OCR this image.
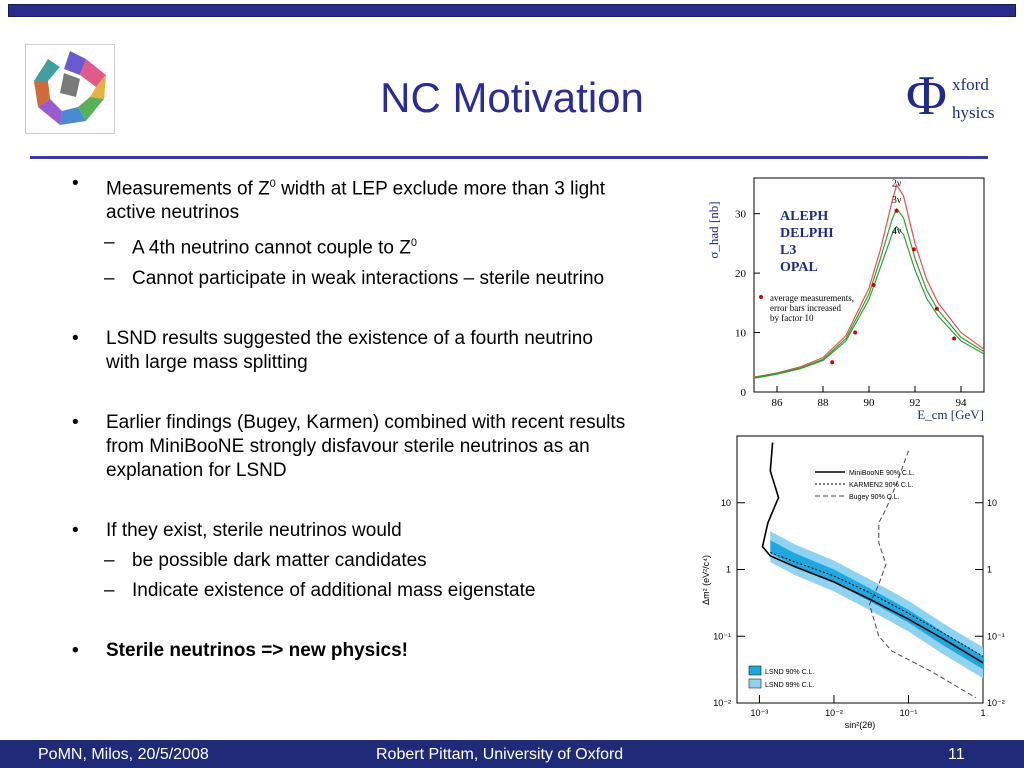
NC Motivation	Φ xford
hysics
• Measurements of $Z^0$ width at LEP exclude more than 3 light active neutrinos
– A 4th neutrino cannot couple to $Z^0$
– Cannot participate in weak interactions – sterile neutrino
• LSND results suggested the existence of a fourth neutrino with large mass splitting
• Earlier findings (Bugey, Karmen) combined with recent results from MiniBooNE strongly disfavour sterile neutrinos as an explanation for LSND
• If they exist, sterile neutrinos would
– be possible dark matter candidates
– Indicate existence of additional mass eigenstate
• Sterile neutrinos => new physics!
86	88	90	92	94
0
10
20
30
2ν
3ν
4ν
ALEPH
DELPHI
L3
OPAL
average measurements,
error bars increased
by factor 10
σ_had [nb]
E_cm [GeV]
10⁻³	10⁻²	10⁻¹	1
10⁻²	10⁻²
10⁻¹	10⁻¹
1	1
10	10
MiniBooNE 90% C.L.
KARMEN2 90% C.L.
Bugey 90% C.L.
LSND 90% C.L.
LSND 99% C.L.
Δm² (eV²/c⁴)
sin²(2θ)
PoMN, Milos, 20/5/2008	Robert Pittam, University of Oxford	11
